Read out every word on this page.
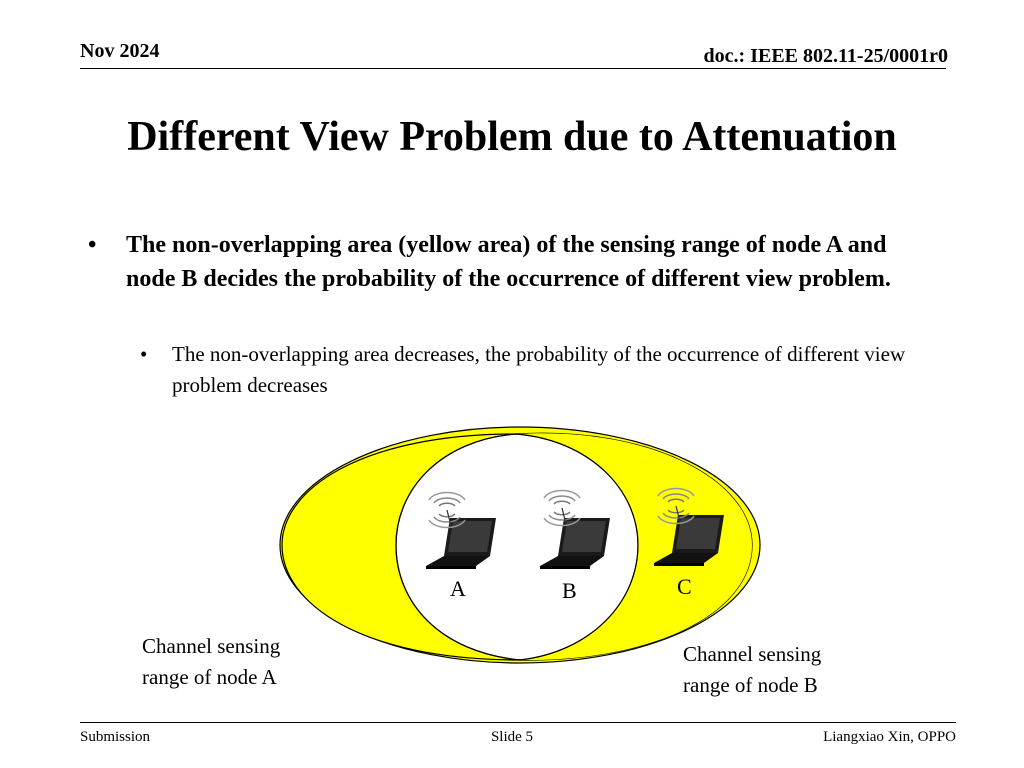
Nov 2024	doc.: IEEE 802.11-25/0001r0
Different View Problem due to Attenuation
• The non-overlapping area (yellow area) of the sensing range of node A and node B decides the probability of the occurrence of different view problem.
• The non-overlapping area decreases, the probability of the occurrence of different view problem decreases
A	B	C
Channel sensing
range of node A
Channel sensing
range of node B
Submission	Slide 5	Liangxiao Xin, OPPO
